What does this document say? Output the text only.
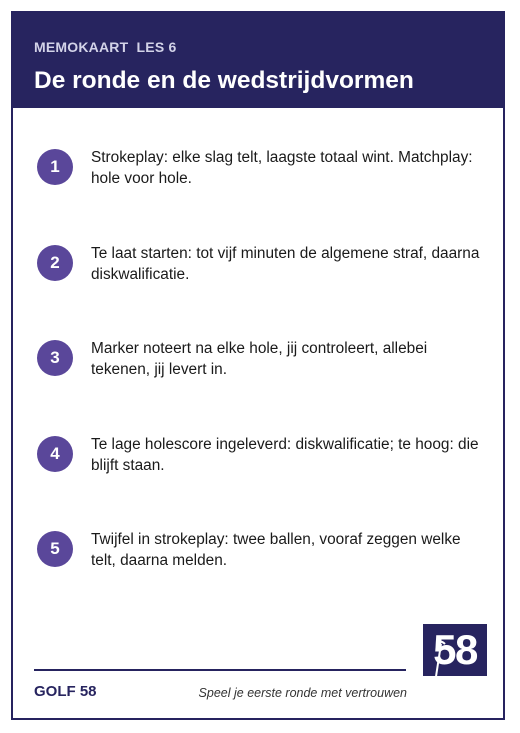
MEMOKAART  LES 6
De ronde en de wedstrijdvormen
1	Strokeplay: elke slag telt, laagste totaal wint. Matchplay: hole voor hole.
2	Te laat starten: tot vijf minuten de algemene straf, daarna diskwalificatie.
3	Marker noteert na elke hole, jij controleert, allebei tekenen, jij levert in.
4	Te lage holescore ingeleverd: diskwalificatie; te hoog: die blijft staan.
5	Twijfel in strokeplay: twee ballen, vooraf zeggen welke telt, daarna melden.
GOLF 58	Speel je eerste ronde met vertrouwen
58
